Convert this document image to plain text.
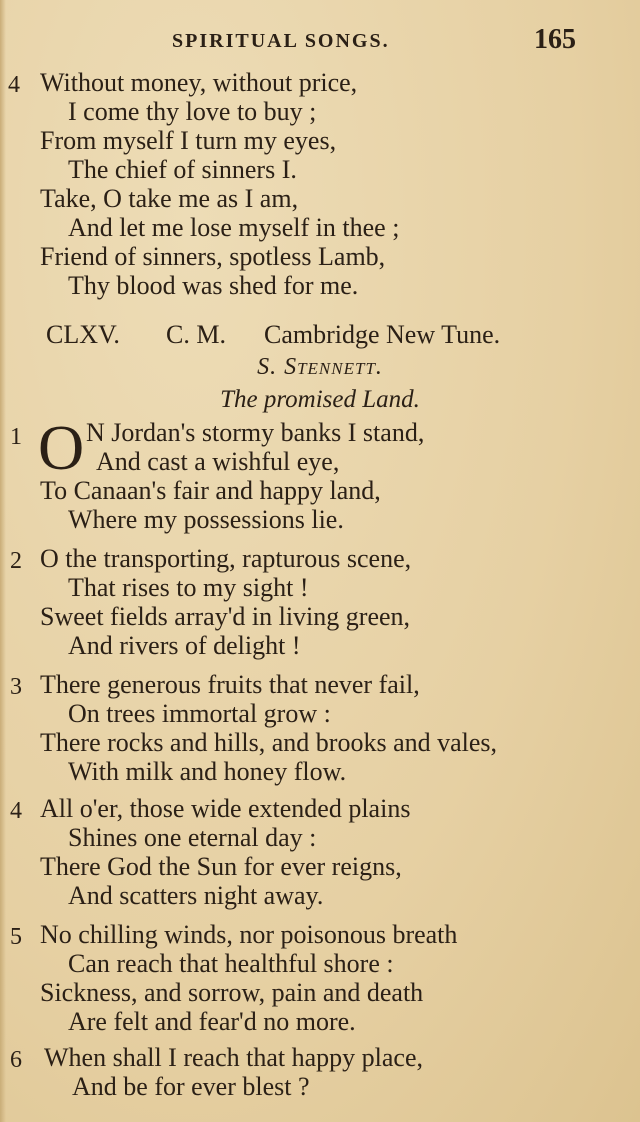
SPIRITUAL SONGS.	165
4 Without money, without price,
I come thy love to buy ;
From myself I turn my eyes,
The chief of sinners I.
Take, O take me as I am,
And let me lose myself in thee ;
Friend of sinners, spotless Lamb,
Thy blood was shed for me.
CLXV. C. M. Cambridge New Tune.
S. Stennett.
The promised Land.
1 O N Jordan's stormy banks I stand,
And cast a wishful eye,
To Canaan's fair and happy land,
Where my possessions lie.
2 O the transporting, rapturous scene,
That rises to my sight !
Sweet fields array'd in living green,
And rivers of delight !
3 There generous fruits that never fail,
On trees immortal grow :
There rocks and hills, and brooks and vales,
With milk and honey flow.
4 All o'er, those wide extended plains
Shines one eternal day :
There God the Sun for ever reigns,
And scatters night away.
5 No chilling winds, nor poisonous breath
Can reach that healthful shore :
Sickness, and sorrow, pain and death
Are felt and fear'd no more.
6 When shall I reach that happy place,
And be for ever blest ?
